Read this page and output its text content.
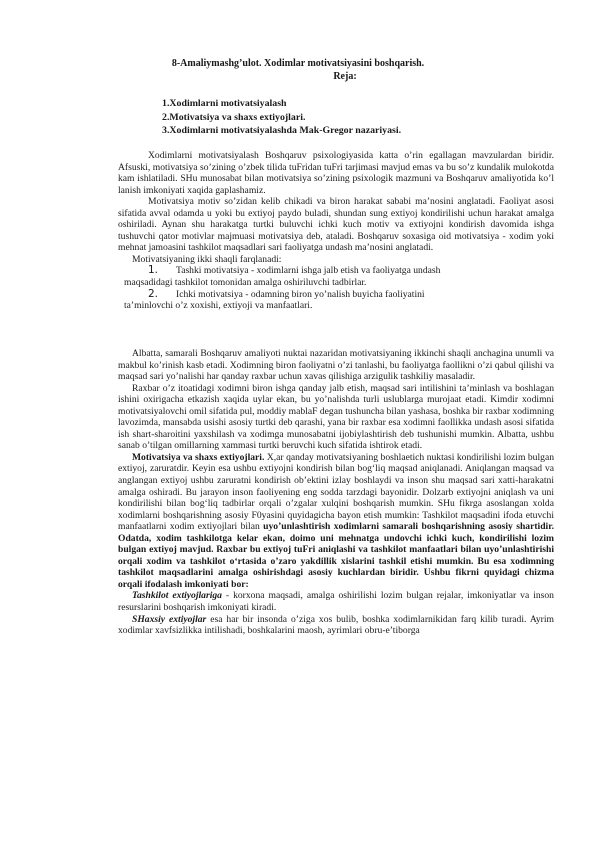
8-Amaliymashg’ulot. Xodimlar motivatsiyasini boshqarish.
Reja:
1.Xodimlarni motivatsiyalash
2.Motivatsiya va shaxs extiyojlari.
3.Xodimlarni motivatsiyalashda Mak-Gregor nazariyasi.

Xodimlarni motivatsiyalash Boshqaruv psixologiyasida katta o’rin egallagan mavzulardan biridir. Afsuski, motivatsiya so’zining o’zbek tilida tuFridan tuFri tarjimasi mavjud emas va bu so’z kundalik mulokotda kam ishlatiladi. SHu munosabat bilan motivatsiya so’zining psixologik mazmuni va Boshqaruv amaliyotida ko’l lanish imkoniyati xaqida gaplashamiz.

Motivatsiya motiv so’zidan kelib chikadi va biron harakat sababi ma’nosini anglatadi. Faoliyat asosi sifatida avval odamda u yoki bu extiyoj paydo buladi, shundan sung extiyoj kondirilishi uchun harakat amalga oshiriladi. Aynan shu harakatga turtki buluvchi ichki kuch motiv va extiyojni kondirish davomida ishga tushuvchi qator motivlar majmuasi motivatsiya deb, ataladi. Boshqaruv soxasiga oid motivatsiya - xodim yoki mehnat jamoasini tashkilot maqsadlari sari faoliyatga undash ma’nosini anglatadi.

Motivatsiyaning ikki shaqli farqlanadi:

1.	Tashki motivatsiya - xodimlarni ishga jalb etish va faoliyatga undash

maqsadidagi tashkilot tomonidan amalga oshiriluvchi tadbirlar.

2.	Ichki motivatsiya - odamning biron yo’nalish buyicha faoliyatini

ta’minlovchi o’z xoxishi, extiyoji va manfaatlari.

Albatta, samarali Boshqaruv amaliyoti nuktai nazaridan motivatsiyaning ikkinchi shaqli anchagina unumli va makbul ko’rinish kasb etadi. Xodimning biron faoliyatni o’zi tanlashi, bu faoliyatga faollikni o’zi qabul qilishi va maqsad sari yo’nalishi har qanday raxbar uchun xavas qilishiga arzigulik tashkiliy masaladir.

Raxbar o’z itoatidagi xodimni biron ishga qanday jalb etish, maqsad sari intilishini ta’minlash va boshlagan ishini oxirigacha etkazish xaqida uylar ekan, bu yo’nalishda turli uslublarga murojaat etadi. Kimdir xodimni motivatsiyalovchi omil sifatida pul, moddiy mablaF degan tushuncha bilan yashasa, boshka bir raxbar xodimning lavozimda, mansabda usishi asosiy turtki deb qarashi, yana bir raxbar esa xodimni faollikka undash asosi sifatida ish shart-sharoitini yaxshilash va xodimga munosabatni ijobiylashtirish deb tushunishi mumkin. Albatta, ushbu sanab o’tilgan omillarning xammasi turtki beruvchi kuch sifatida ishtirok etadi.

Motivatsiya va shaxs extiyojlari. X,ar qanday motivatsiyaning boshlaetich nuktasi kondirilishi lozim bulgan extiyoj, zaruratdir. Keyin esa ushbu extiyojni kondirish bilan bog‘liq maqsad aniqlanadi. Aniqlangan maqsad va anglangan extiyoj ushbu zaruratni kondirish ob’ektini izlay boshlaydi va inson shu maqsad sari xatti-harakatni amalga oshiradi. Bu jarayon inson faoliyening eng sodda tarzdagi bayonidir. Dolzarb extiyojni aniqlash va uni kondirilishi bilan bog‘liq tadbirlar orqali o’zgalar xulqini boshqarish mumkin. SHu fikrga asoslangan xolda xodimlarni boshqarishning asosiy F0yasini quyidagicha bayon etish mumkin: Tashkilot maqsadini ifoda etuvchi manfaatlarni xodim extiyojlari bilan uyo’unlashtirish xodimlarni samarali boshqarishning asosiy shartidir. Odatda, xodim tashkilotga kelar ekan, doimo uni mehnatga undovchi ichki kuch, kondirilishi lozim bulgan extiyoj mavjud. Raxbar bu extiyoj tuFri aniqlashi va tashkilot manfaatlari bilan uyo’unlashtirishi orqali xodim va tashkilot o‘rtasida o’zaro yakdillik xislarini tashkil etishi mumkin. Bu esa xodimning tashkilot maqsadlarini amalga oshirishdagi asosiy kuchlardan biridir. Ushbu fikrni quyidagi chizma orqali ifodalash imkoniyati bor:

Tashkilot extiyojlariga - korxona maqsadi, amalga oshirilishi lozim bulgan rejalar, imkoniyatlar va inson resurslarini boshqarish imkoniyati kiradi.

SHaxsiy extiyojlar esa har bir insonda o’ziga xos bulib, boshka xodimlarnikidan farq kilib turadi. Ayrim xodimlar xavfsizlikka intilishadi, boshkalarini maosh, ayrimlari obru-e’tiborga
